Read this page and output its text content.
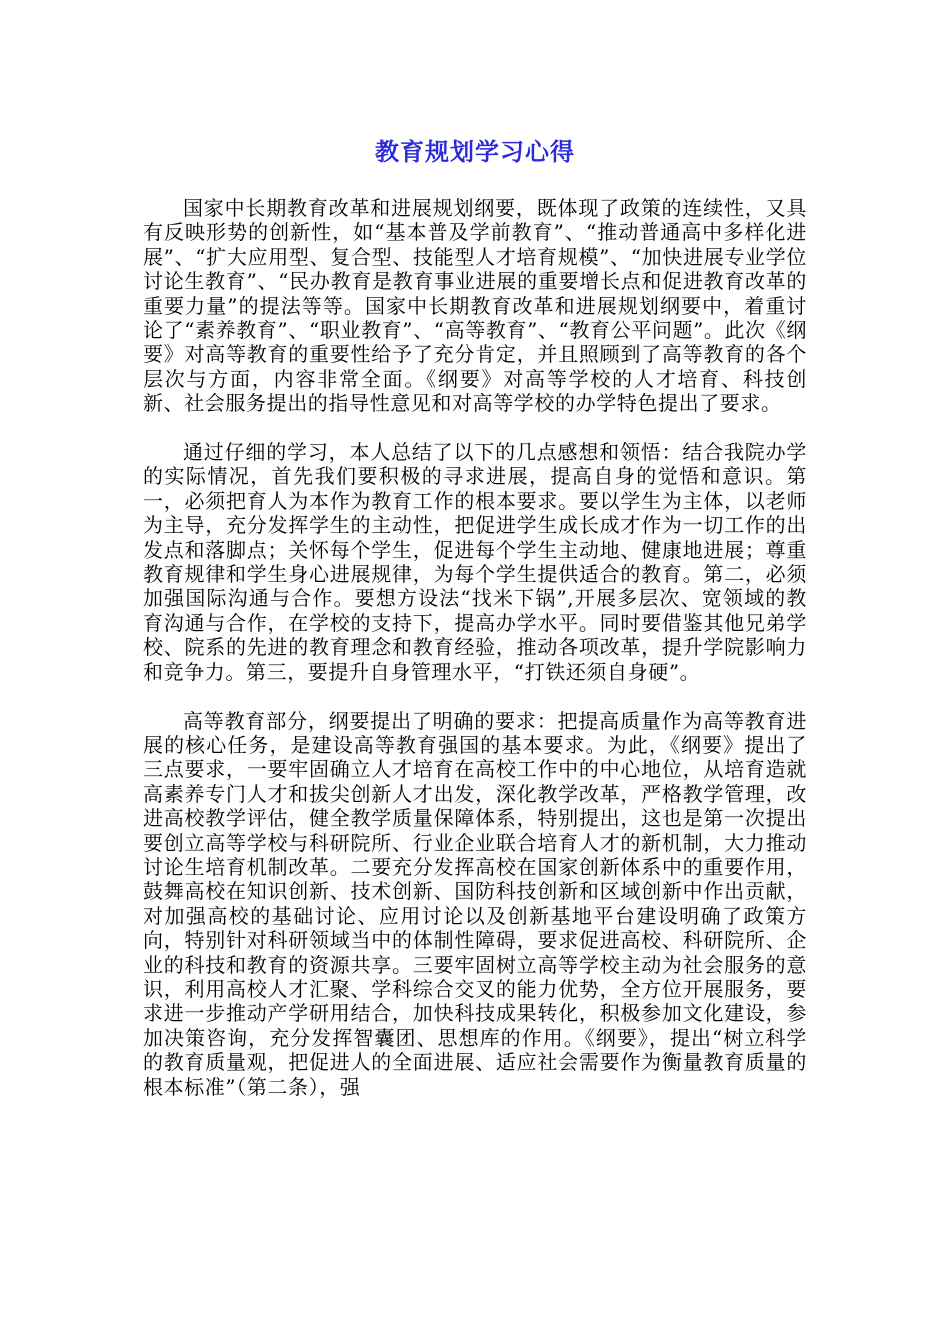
教育规划学习心得

国家中长期教育改革和进展规划纲要，既体现了政策的连续性，又具有反映形势的创新性，如“基本普及学前教育”、“推动普通高中多样化进展”、“扩大应用型、复合型、技能型人才培育规模”、“加快进展专业学位讨论生教育”、“民办教育是教育事业进展的重要增长点和促进教育改革的重要力量”的提法等等。国家中长期教育改革和进展规划纲要中，着重讨论了“素养教育”、“职业教育”、“高等教育”、“教育公平问题”。此次《纲要》对高等教育的重要性给予了充分肯定，并且照顾到了高等教育的各个层次与方面，内容非常全面。《纲要》对高等学校的人才培育、科技创新、社会服务提出的指导性意见和对高等学校的办学特色提出了要求。

通过仔细的学习，本人总结了以下的几点感想和领悟：结合我院办学的实际情况，首先我们要积极的寻求进展，提高自身的觉悟和意识。第一，必须把育人为本作为教育工作的根本要求。要以学生为主体，以老师为主导，充分发挥学生的主动性，把促进学生成长成才作为一切工作的出发点和落脚点；关怀每个学生，促进每个学生主动地、健康地进展；尊重教育规律和学生身心进展规律，为每个学生提供适合的教育。第二，必须加强国际沟通与合作。要想方设法“找米下锅”,开展多层次、宽领域的教育沟通与合作，在学校的支持下，提高办学水平。同时要借鉴其他兄弟学校、院系的先进的教育理念和教育经验，推动各项改革，提升学院影响力和竞争力。第三，要提升自身管理水平，“打铁还须自身硬”。

高等教育部分，纲要提出了明确的要求：把提高质量作为高等教育进展的核心任务，是建设高等教育强国的基本要求。为此，《纲要》提出了三点要求，一要牢固确立人才培育在高校工作中的中心地位，从培育造就高素养专门人才和拔尖创新人才出发，深化教学改革，严格教学管理，改进高校教学评估，健全教学质量保障体系，特别提出，这也是第一次提出要创立高等学校与科研院所、行业企业联合培育人才的新机制，大力推动讨论生培育机制改革。二要充分发挥高校在国家创新体系中的重要作用，鼓舞高校在知识创新、技术创新、国防科技创新和区域创新中作出贡献，对加强高校的基础讨论、应用讨论以及创新基地平台建设明确了政策方向，特别针对科研领域当中的体制性障碍，要求促进高校、科研院所、企业的科技和教育的资源共享。三要牢固树立高等学校主动为社会服务的意识，利用高校人才汇聚、学科综合交叉的能力优势，全方位开展服务，要求进一步推动产学研用结合，加快科技成果转化，积极参加文化建设，参加决策咨询，充分发挥智囊团、思想库的作用。《纲要》，提出“树立科学的教育质量观，把促进人的全面进展、适应社会需要作为衡量教育质量的根本标准”（第二条），强
